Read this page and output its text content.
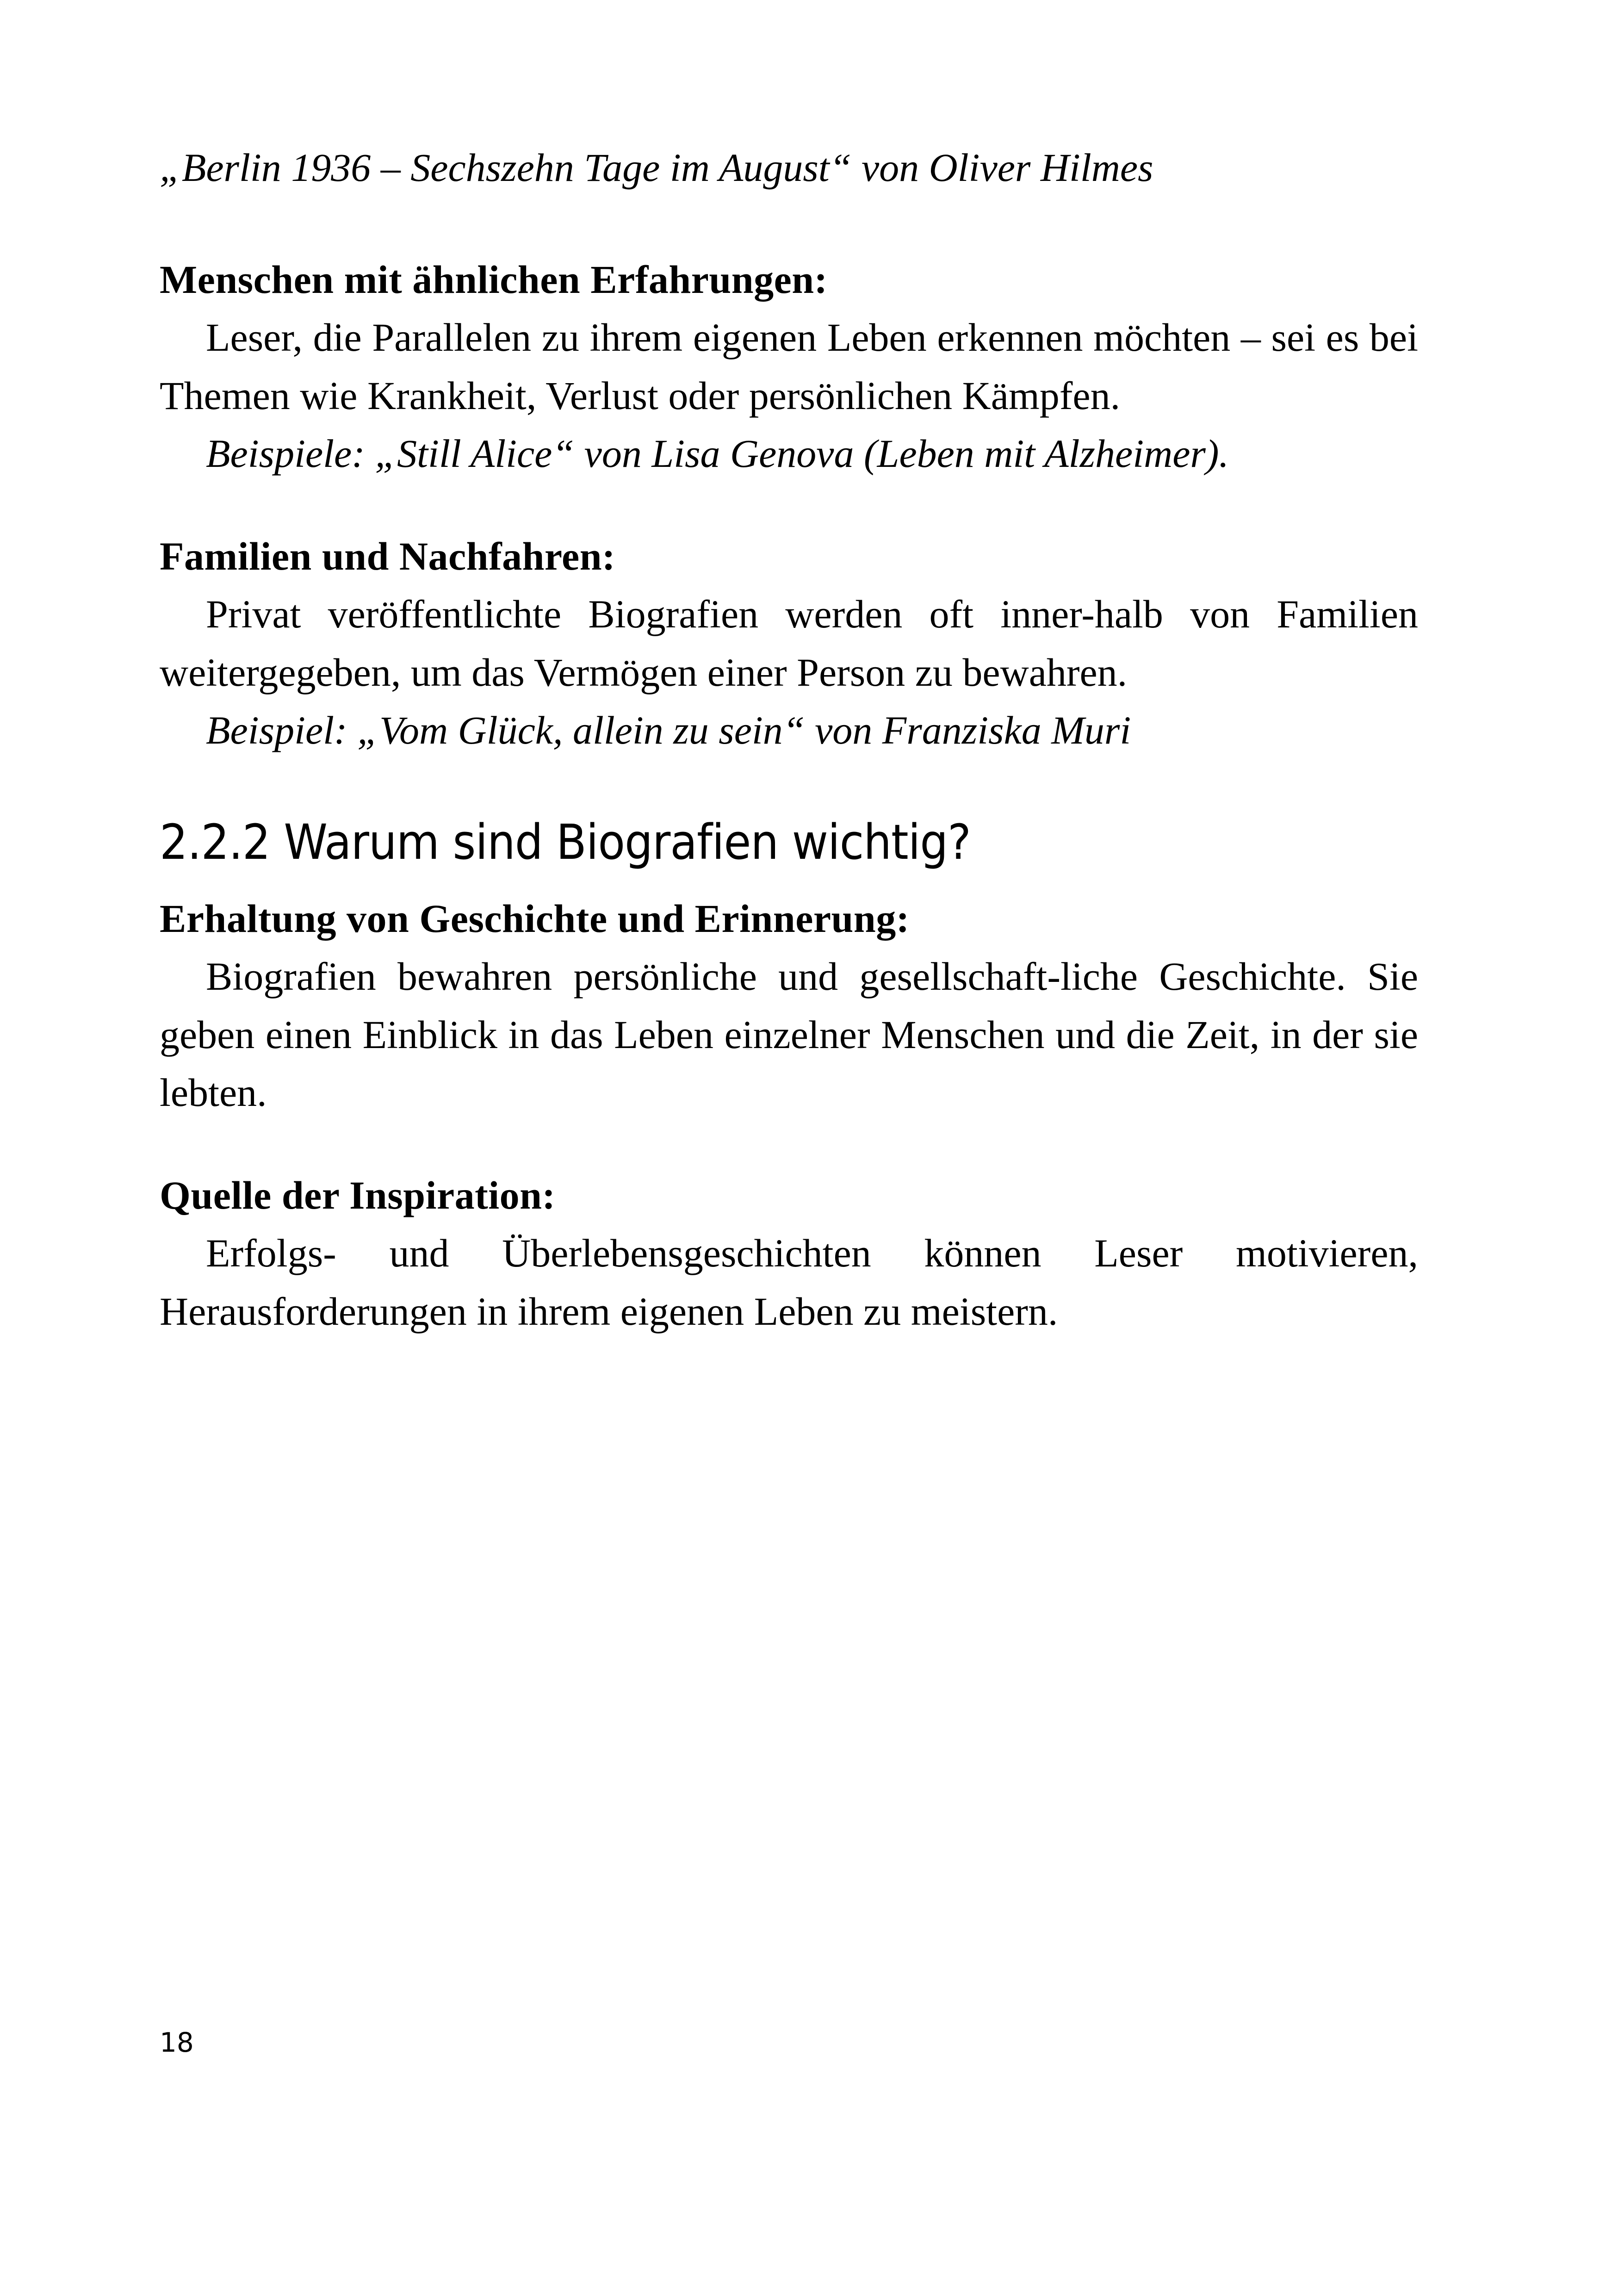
„Berlin 1936 – Sechszehn Tage im August“ von Oliver Hilmes

Menschen mit ähnlichen Erfahrungen:

Leser, die Parallelen zu ihrem eigenen Leben erkennen möchten – sei es bei Themen wie Krankheit, Verlust oder persönlichen Kämpfen.

Beispiele: „Still Alice“ von Lisa Genova (Leben mit Alzheimer).

Familien und Nachfahren:

Privat veröffentlichte Biografien werden oft inner-halb von Familien weitergegeben, um das Vermögen einer Person zu bewahren.

Beispiel: „Vom Glück, allein zu sein“ von Franziska Muri

2.2.2 Warum sind Biografien wichtig?

Erhaltung von Geschichte und Erinnerung:

Biografien bewahren persönliche und gesellschaft-liche Geschichte. Sie geben einen Einblick in das Leben einzelner Menschen und die Zeit, in der sie lebten.

Quelle der Inspiration:

Erfolgs- und Überlebensgeschichten können Leser motivieren, Herausforderungen in ihrem eigenen Leben zu meistern.

18
